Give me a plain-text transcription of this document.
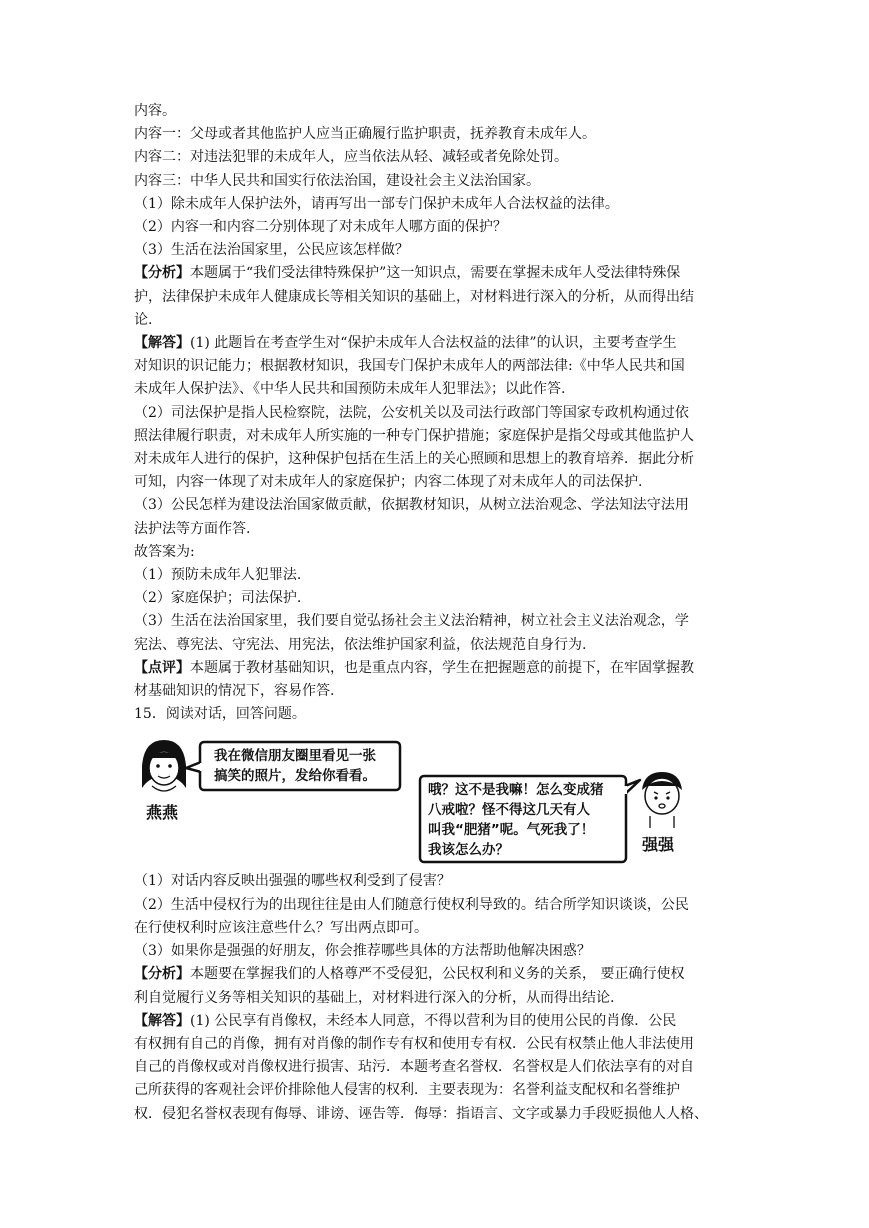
内容。
内容一：父母或者其他监护人应当正确履行监护职责，抚养教育未成年人。
内容二：对违法犯罪的未成年人，应当依法从轻、减轻或者免除处罚。
内容三：中华人民共和国实行依法治国，建设社会主义法治国家。
（1）除未成年人保护法外，请再写出一部专门保护未成年人合法权益的法律。
（2）内容一和内容二分别体现了对未成年人哪方面的保护？
（3）生活在法治国家里，公民应该怎样做？
【分析】本题属于“我们受法律特殊保护”这一知识点，需要在掌握未成年人受法律特殊保
护，法律保护未成年人健康成长等相关知识的基础上，对材料进行深入的分析，从而得出结
论.
【解答】(1) 此题旨在考查学生对“保护未成年人合法权益的法律”的认识，主要考查学生
对知识的识记能力；根据教材知识，我国专门保护未成年人的两部法律:《中华人民共和国
未成年人保护法》、《中华人民共和国预防未成年人犯罪法》；以此作答.
（2）司法保护是指人民检察院，法院，公安机关以及司法行政部门等国家专政机构通过依
照法律履行职责，对未成年人所实施的一种专门保护措施；家庭保护是指父母或其他监护人
对未成年人进行的保护，这种保护包括在生活上的关心照顾和思想上的教育培养．据此分析
可知，内容一体现了对未成年人的家庭保护；内容二体现了对未成年人的司法保护.
（3）公民怎样为建设法治国家做贡献，依据教材知识，从树立法治观念、学法知法守法用
法护法等方面作答.
故答案为:
（1）预防未成年人犯罪法.
（2）家庭保护；司法保护.
（3）生活在法治国家里，我们要自觉弘扬社会主义法治精神，树立社会主义法治观念，学
宪法、尊宪法、守宪法、用宪法，依法维护国家利益，依法规范自身行为.
【点评】本题属于教材基础知识，也是重点内容，学生在把握题意的前提下，在牢固掌握教
材基础知识的情况下，容易作答.
15．阅读对话，回答问题。
我在微信朋友圈里看见一张
搞笑的照片，发给你看看。
哦？这不是我嘛！怎么变成猪
八戒啦？怪不得这几天有人
叫我“肥猪”呢。气死我了！
我该怎么办？
燕燕
强强
（1）对话内容反映出强强的哪些权利受到了侵害？
（2）生活中侵权行为的出现往往是由人们随意行使权利导致的。结合所学知识谈谈，公民
在行使权利时应该注意些什么？写出两点即可。
（3）如果你是强强的好朋友，你会推荐哪些具体的方法帮助他解决困惑？
【分析】本题要在掌握我们的人格尊严不受侵犯，公民权利和义务的关系， 要正确行使权
利自觉履行义务等相关知识的基础上，对材料进行深入的分析，从而得出结论.
【解答】(1) 公民享有肖像权，未经本人同意，不得以营利为目的使用公民的肖像．公民
有权拥有自己的肖像，拥有对肖像的制作专有权和使用专有权．公民有权禁止他人非法使用
自己的肖像权或对肖像权进行损害、玷污．本题考查名誉权．名誉权是人们依法享有的对自
己所获得的客观社会评价排除他人侵害的权利．主要表现为：名誉利益支配权和名誉维护
权．侵犯名誉权表现有侮辱、诽谤、诬告等．侮辱：指语言、文字或暴力手段贬损他人人格、
